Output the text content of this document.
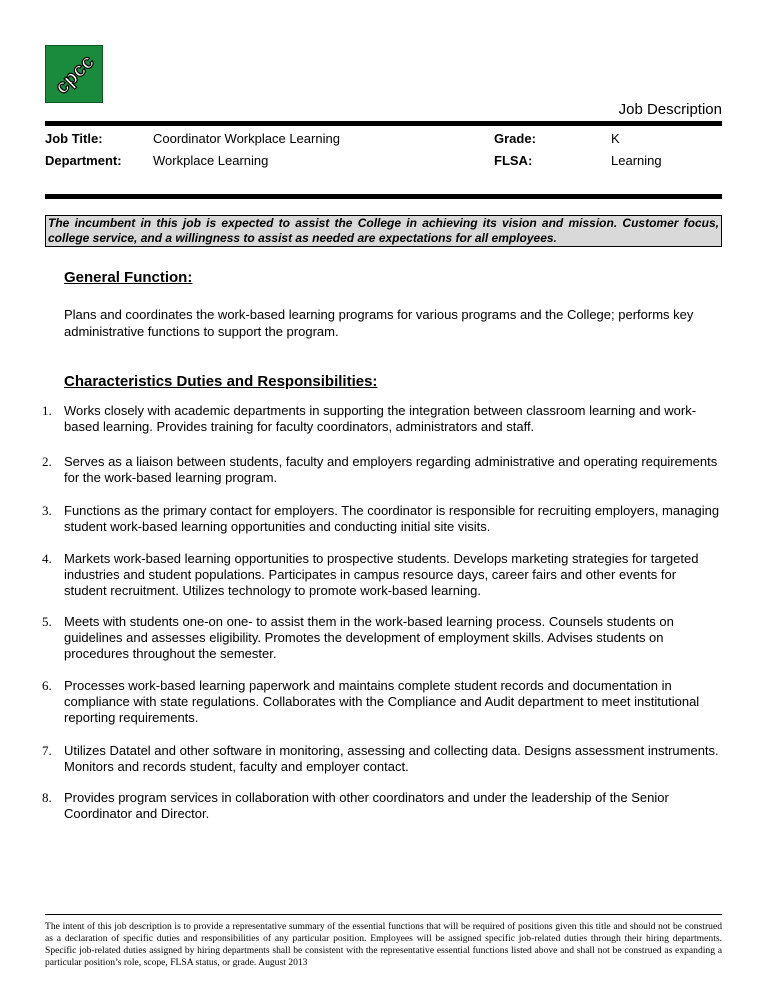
cpcc
Job Description
Job Title:	Coordinator Workplace Learning	Grade:	K
Department: Workplace Learning	FLSA:	Learning
The incumbent in this job is expected to assist the College in achieving its vision and mission. Customer focus, college service, and a willingness to assist as needed are expectations for all employees.
General Function:
Plans and coordinates the work-based learning programs for various programs and the College; performs key administrative functions to support the program.
Characteristics Duties and Responsibilities:
1. Works closely with academic departments in supporting the integration between classroom learning and work-based learning. Provides training for faculty coordinators, administrators and staff.
2. Serves as a liaison between students, faculty and employers regarding administrative and operating requirements for the work-based learning program.
3. Functions as the primary contact for employers. The coordinator is responsible for recruiting employers, managing student work-based learning opportunities and conducting initial site visits.
4. Markets work-based learning opportunities to prospective students. Develops marketing strategies for targeted industries and student populations. Participates in campus resource days, career fairs and other events for student recruitment. Utilizes technology to promote work-based learning.
5. Meets with students one-on one- to assist them in the work-based learning process. Counsels students on guidelines and assesses eligibility. Promotes the development of employment skills. Advises students on procedures throughout the semester.
6. Processes work-based learning paperwork and maintains complete student records and documentation in compliance with state regulations. Collaborates with the Compliance and Audit department to meet institutional reporting requirements.
7. Utilizes Datatel and other software in monitoring, assessing and collecting data. Designs assessment instruments. Monitors and records student, faculty and employer contact.
8. Provides program services in collaboration with other coordinators and under the leadership of the Senior Coordinator and Director.
The intent of this job description is to provide a representative summary of the essential functions that will be required of positions given this title and should not be construed as a declaration of specific duties and responsibilities of any particular position. Employees will be assigned specific job-related duties through their hiring departments. Specific job-related duties assigned by hiring departments shall be consistent with the representative essential functions listed above and shall not be construed as expanding a particular position’s role, scope, FLSA status, or grade. August 2013
